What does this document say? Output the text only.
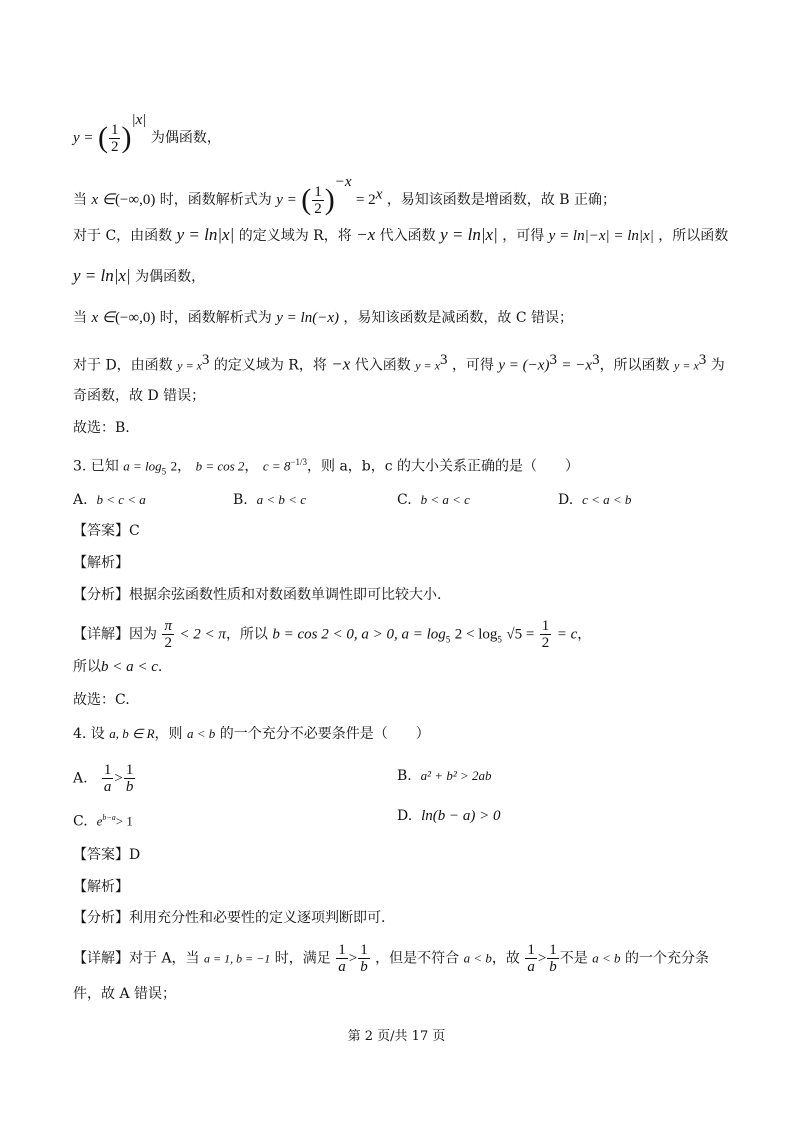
y = ( $\frac{1}{2} )^{|x|}$ 为偶函数，
当 x ∈(−∞,0) 时，函数解析式为 y = ( $\frac{1}{2} )^{-x} = 2^x$ ，易知该函数是增函数，故 B 正确；
对于 C，由函数 y = ln|x| 的定义域为 R，将 −x 代入函数 y = ln|x| ，可得 y = ln|−x| = ln|x| ，所以函数
y = ln|x| 为偶函数，
当 x ∈(−∞,0) 时，函数解析式为 y = ln(−x) ，易知该函数是减函数，故 C 错误；
对于 D，由函数 $y = x^3$ 的定义域为 R，将 −x 代入函数 $y = x^3$ ，可得 $y = (-x)^3 = -x^3$，所以函数 $y = x^3$ 为
奇函数，故 D 错误；
故选：B.
3. 已知 $a = \log_5 2$， b = cos 2， $c = 8^{-1/3}$，则 a，b，c 的大小关系正确的是（　　）
A. b < c < a	B. a < b < c	C. b < a < c	D. c < a < b
【答案】C
【解析】
【分析】根据余弦函数性质和对数函数单调性即可比较大小.
【详解】因为 $\frac{\pi}{2} < 2 < \pi$，所以 b = cos 2 < 0, a > 0, $a = \log_5 2 < \log_5 √5 = \frac{1}{2} = c$，
所以b < a < c.
故选：C.
4. 设 a, b ∈ R，则 a < b 的一个充分不必要条件是（　　）
A. $\frac{1}{a} > \frac{1}{b}$	B. a² + b² > 2ab
C. $e^{b-a}> 1$	D. ln(b − a) > 0
【答案】D
【解析】
【分析】利用充分性和必要性的定义逐项判断即可.
【详解】对于 A，当 a = 1, b = −1 时，满足 $\frac{1}{a} > \frac{1}{b}$ ，但是不符合 a < b，故 $\frac{1}{a} > \frac{1}{b}$ 不是 a < b 的一个充分条
件，故 A 错误；
第 2 页/共 17 页
